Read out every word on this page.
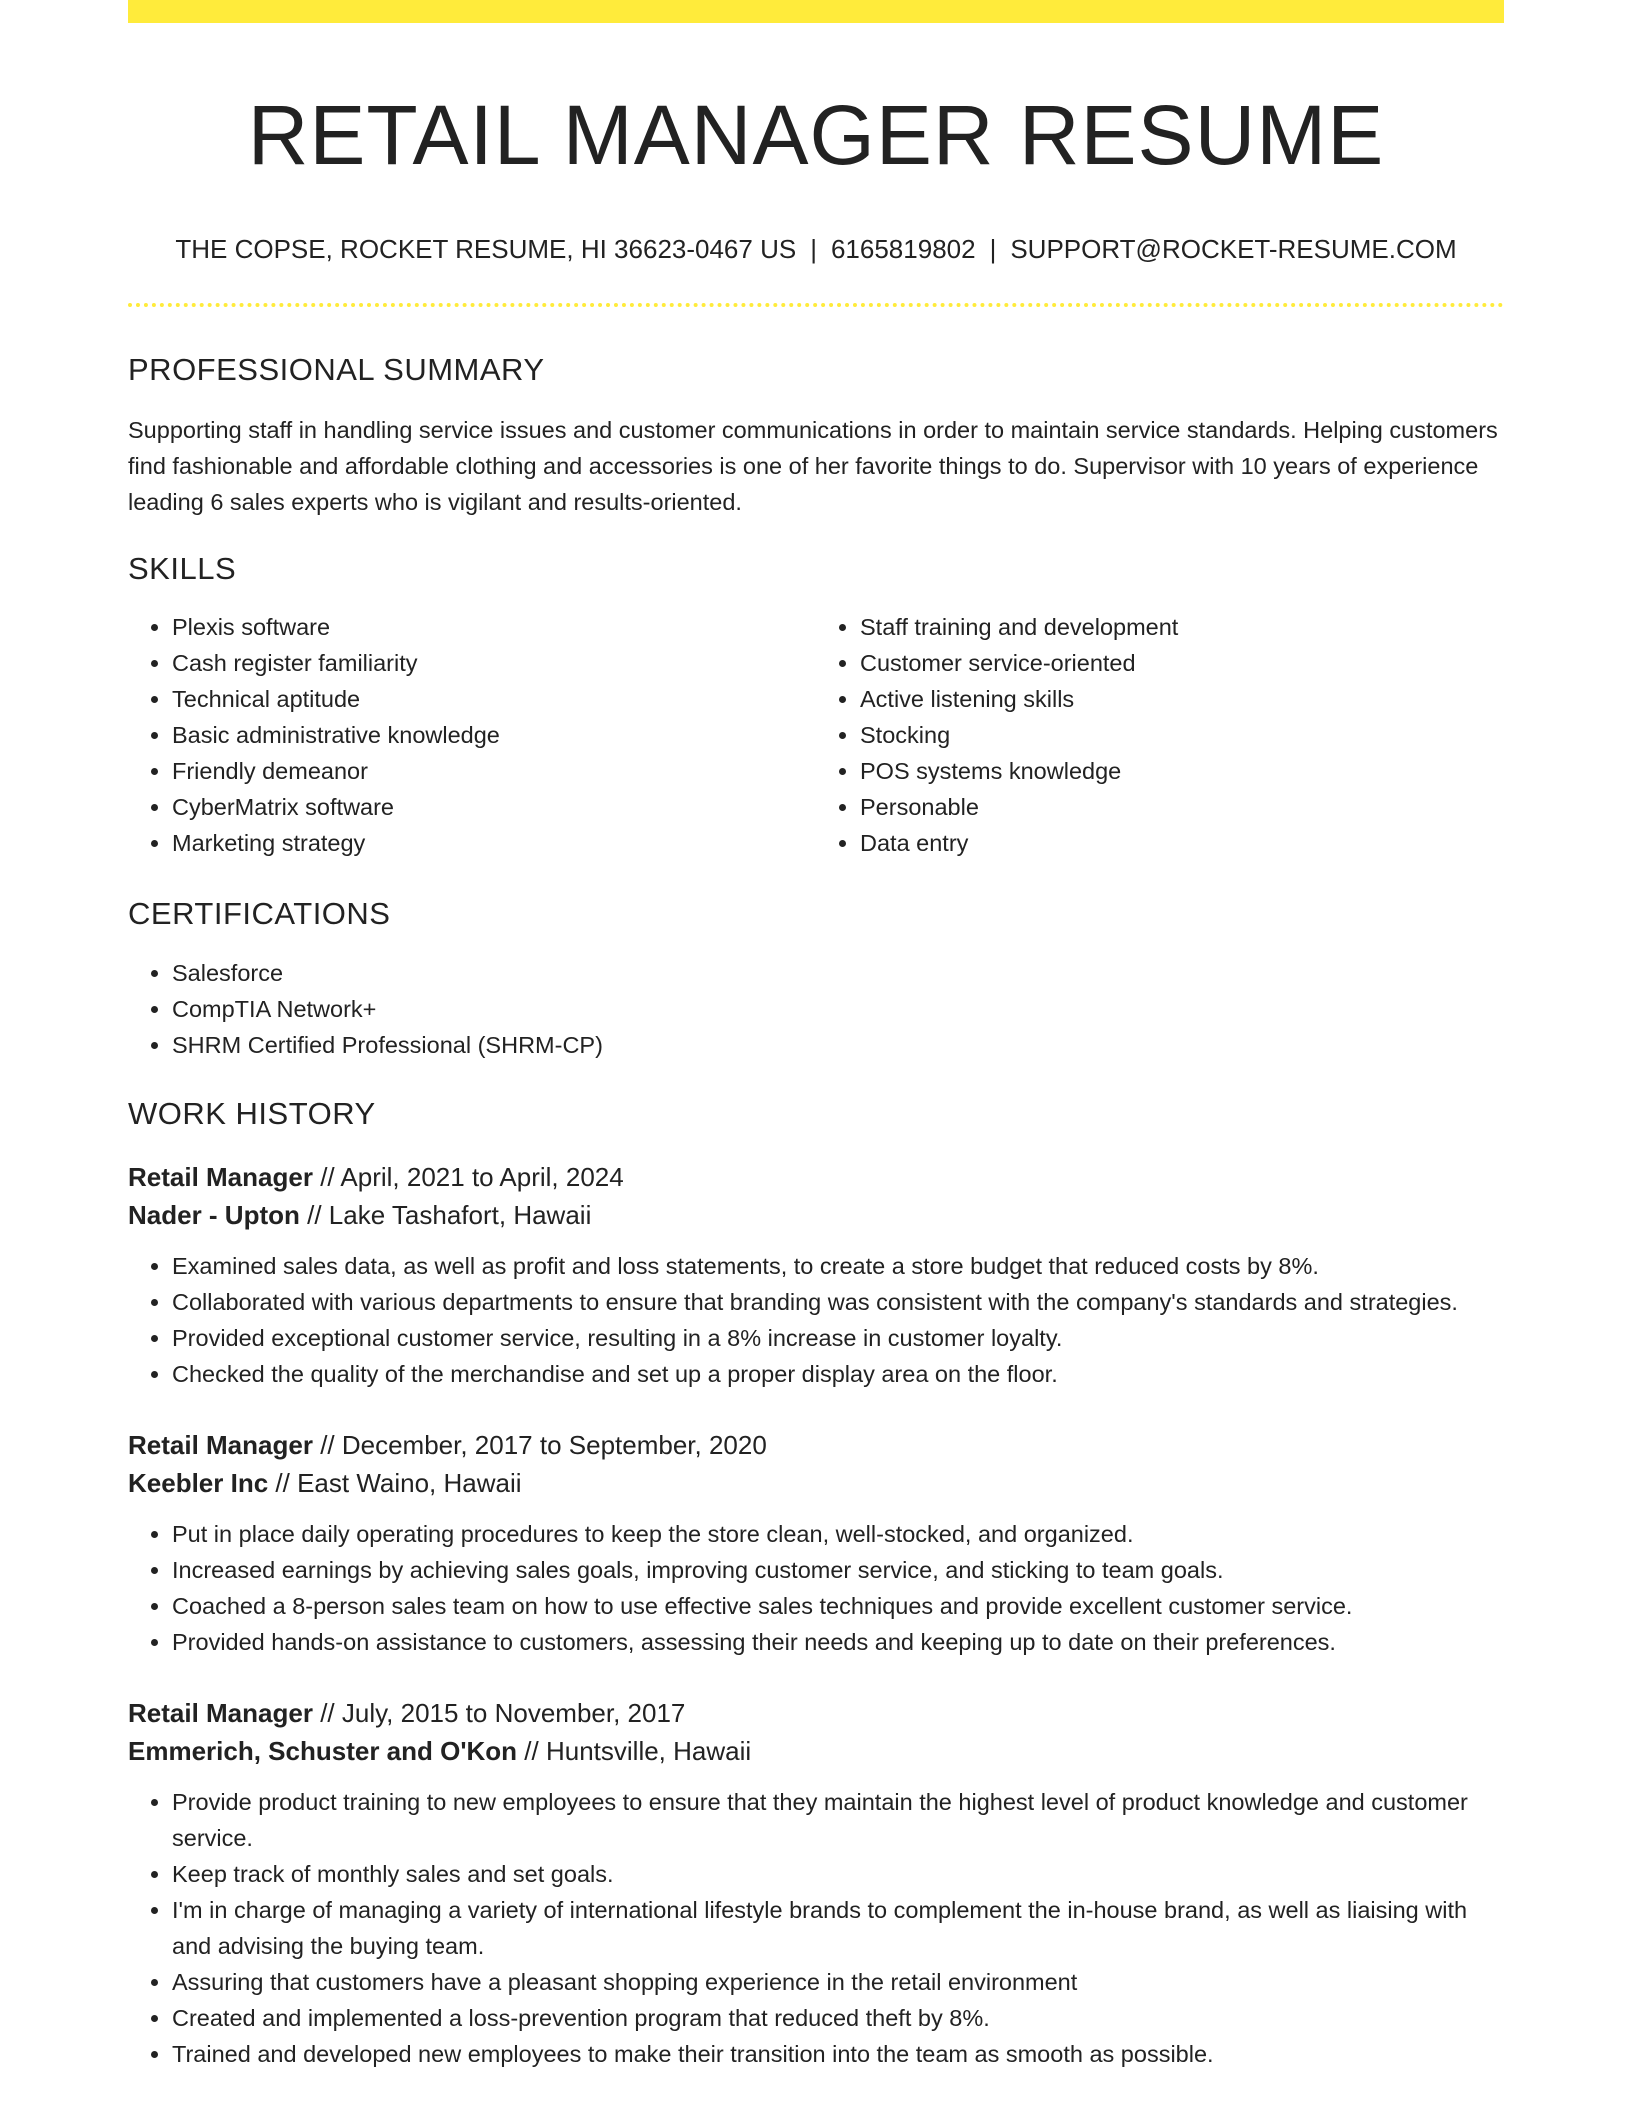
RETAIL MANAGER RESUME
THE COPSE, ROCKET RESUME, HI 36623-0467 US | 6165819802 | SUPPORT@ROCKET-RESUME.COM
PROFESSIONAL SUMMARY

Supporting staff in handling service issues and customer communications in order to maintain service standards. Helping customers find fashionable and affordable clothing and accessories is one of her favorite things to do. Supervisor with 10 years of experience leading 6 sales experts who is vigilant and results-oriented.

SKILLS
• Plexis software
• Cash register familiarity
• Technical aptitude
• Basic administrative knowledge
• Friendly demeanor
• CyberMatrix software
• Marketing strategy
• Staff training and development
• Customer service-oriented
• Active listening skills
• Stocking
• POS systems knowledge
• Personable
• Data entry
CERTIFICATIONS
• Salesforce
• CompTIA Network+
• SHRM Certified Professional (SHRM-CP)
WORK HISTORY
Retail Manager // April, 2021 to April, 2024
Nader - Upton // Lake Tashafort, Hawaii
• Examined sales data, as well as profit and loss statements, to create a store budget that reduced costs by 8%.
• Collaborated with various departments to ensure that branding was consistent with the company's standards and strategies.
• Provided exceptional customer service, resulting in a 8% increase in customer loyalty.
• Checked the quality of the merchandise and set up a proper display area on the floor.
Retail Manager // December, 2017 to September, 2020
Keebler Inc // East Waino, Hawaii
• Put in place daily operating procedures to keep the store clean, well-stocked, and organized.
• Increased earnings by achieving sales goals, improving customer service, and sticking to team goals.
• Coached a 8-person sales team on how to use effective sales techniques and provide excellent customer service.
• Provided hands-on assistance to customers, assessing their needs and keeping up to date on their preferences.
Retail Manager // July, 2015 to November, 2017
Emmerich, Schuster and O'Kon // Huntsville, Hawaii
• Provide product training to new employees to ensure that they maintain the highest level of product knowledge and customer service.
• Keep track of monthly sales and set goals.
• I'm in charge of managing a variety of international lifestyle brands to complement the in-house brand, as well as liaising with and advising the buying team.
• Assuring that customers have a pleasant shopping experience in the retail environment
• Created and implemented a loss-prevention program that reduced theft by 8%.
• Trained and developed new employees to make their transition into the team as smooth as possible.
